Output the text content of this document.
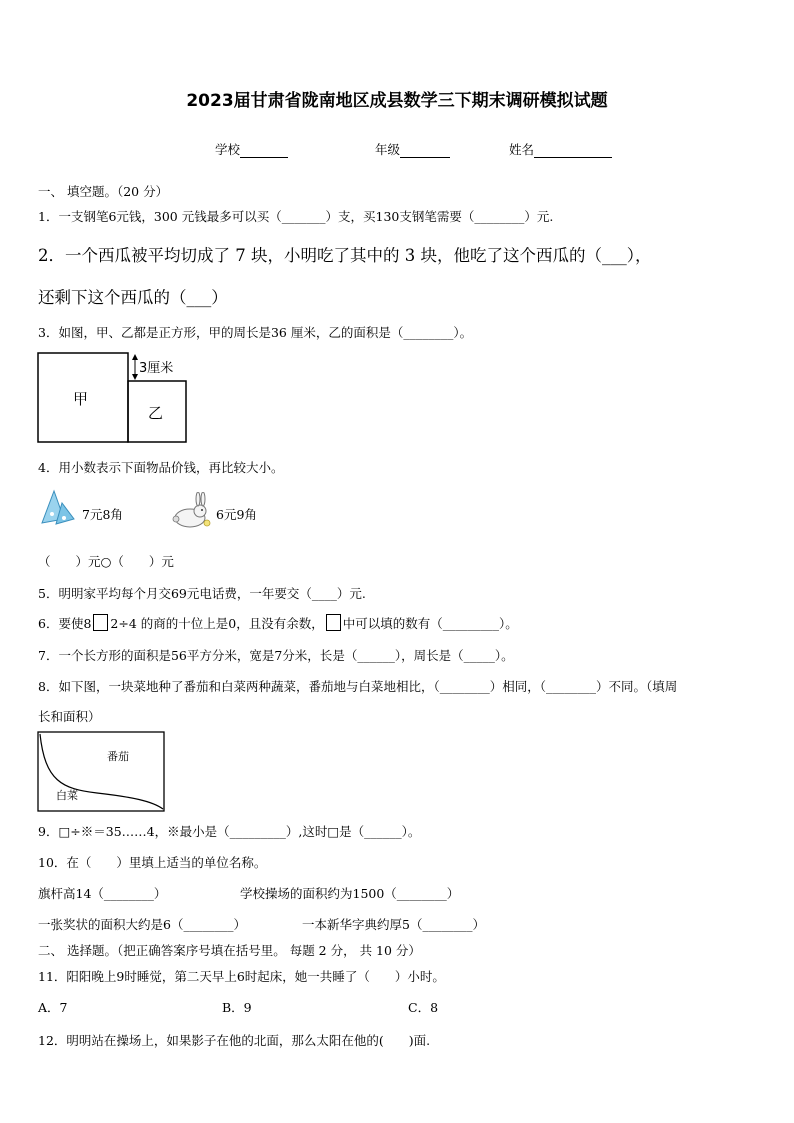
2023届甘肃省陇南地区成县数学三下期末调研模拟试题
学校	年级	姓名
一、 填空题。（20 分）
1．一支钢笔6元钱，300 元钱最多可以买（_______）支，买130支钢笔需要（________）元.
2．一个西瓜被平均切成了 7 块，小明吃了其中的 3 块，他吃了这个西瓜的（___），
还剩下这个西瓜的（___）
3．如图，甲、乙都是正方形，甲的周长是36 厘米，乙的面积是（________）。
甲
乙
3厘米
4．用小数表示下面物品价钱，再比较大小。
7元8角	6元9角
（　　）元○（　　）元
5．明明家平均每个月交69元电话费，一年要交（____）元.
6．要使8 2÷4 的商的十位上是0，且没有余数， 中可以填的数有（_________）。
7．一个长方形的面积是56平方分米，宽是7分米，长是（______），周长是（_____）。
8．如下图，一块菜地种了番茄和白菜两种蔬菜，番茄地与白菜地相比，（________）相同，（________）不同。（填周
长和面积）
番茄
白菜
9．□÷※＝35……4，※最小是（_________）,这时□是（______）。
10．在（　　）里填上适当的单位名称。
旗杆高14（________）	学校操场的面积约为1500（________）
一张奖状的面积大约是6（________）	一本新华字典约厚5（________）
二、 选择题。（把正确答案序号填在括号里。 每题 2 分， 共 10 分）
11．阳阳晚上9时睡觉，第二天早上6时起床，她一共睡了（　　）小时。
A．7	B．9	C．8
12．明明站在操场上，如果影子在他的北面，那么太阳在他的(　　)面.
